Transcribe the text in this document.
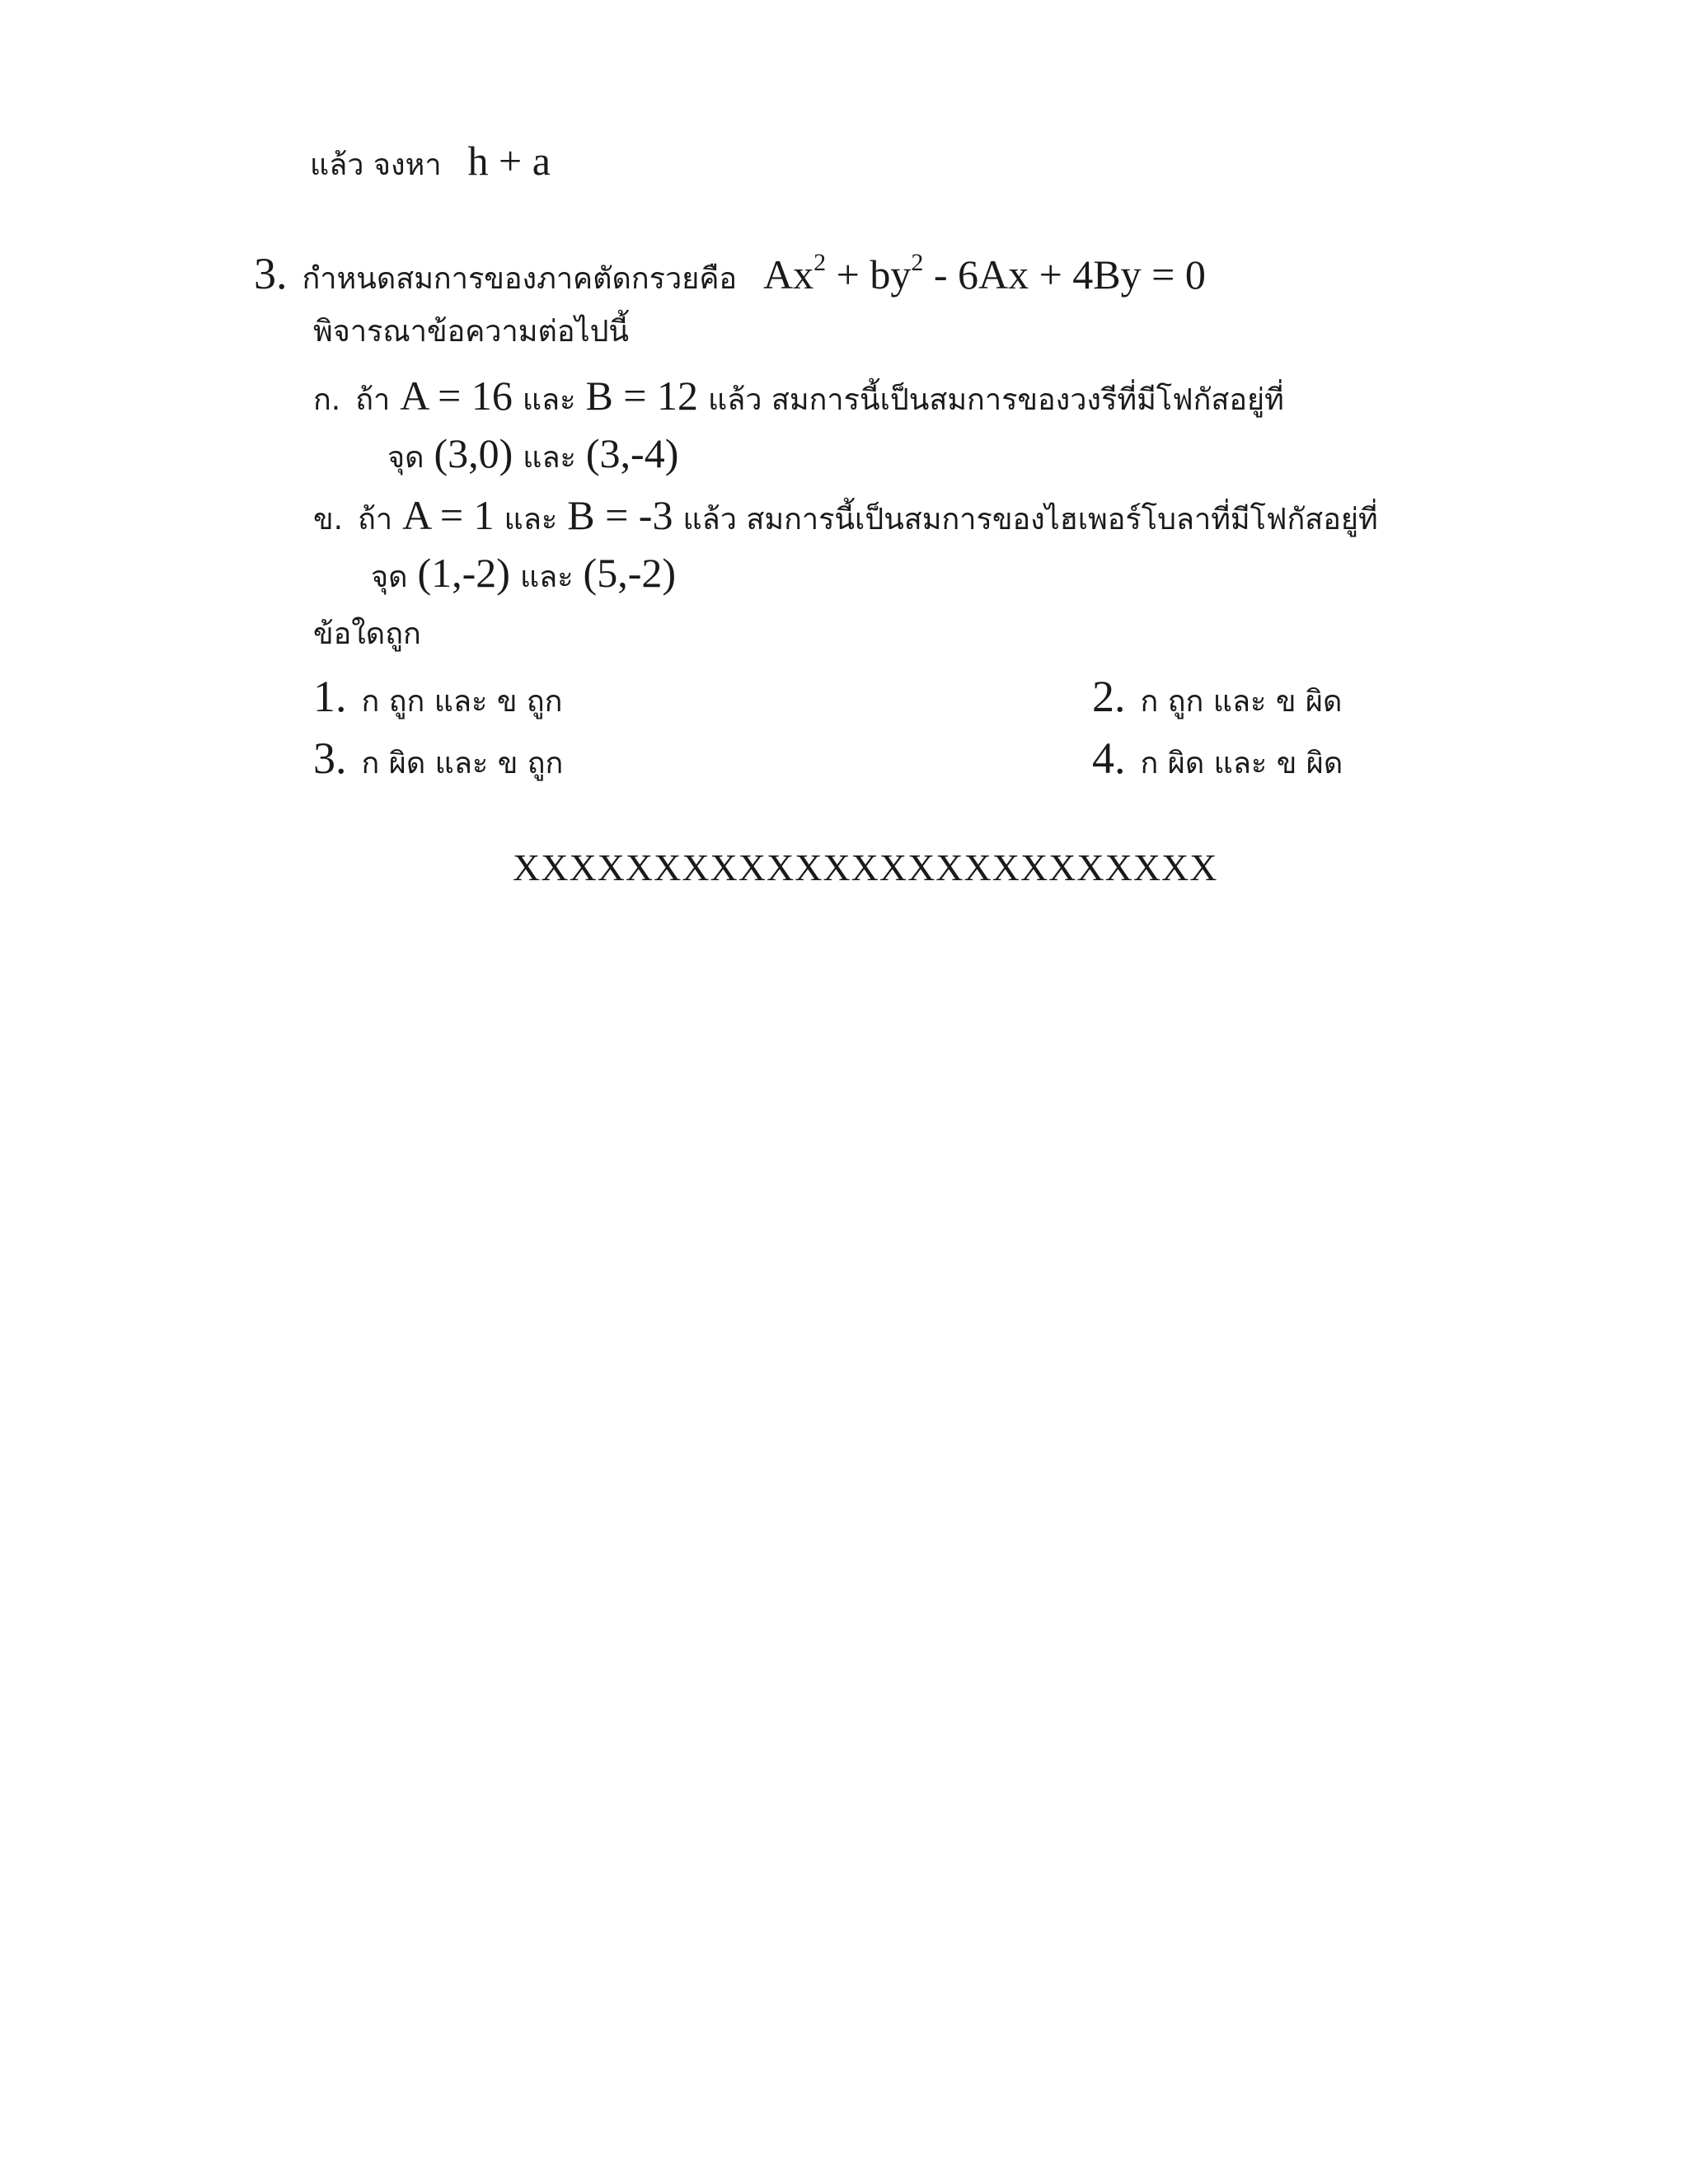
แล้ว จงหา h + a
3. กำหนดสมการของภาคตัดกรวยคือ $Ax^2 + by^2 - 6Ax + 4By = 0$
พิจารณาข้อความต่อไปนี้
ก. ถ้า A = 16 และ B = 12 แล้ว สมการนี้เป็นสมการของวงรีที่มีโฟกัสอยู่ที่
จุด (3,0) และ (3,-4)
ข. ถ้า A = 1 และ B = -3 แล้ว สมการนี้เป็นสมการของไฮเพอร์โบลาที่มีโฟกัสอยู่ที่
จุด (1,-2) และ (5,-2)
ข้อใดถูก
1. ก ถูก และ ข ถูก	2. ก ถูก และ ข ผิด
3. ก ผิด และ ข ถูก	4. ก ผิด และ ข ผิด
XXXXXXXXXXXXXXXXXXXXXXXXX
